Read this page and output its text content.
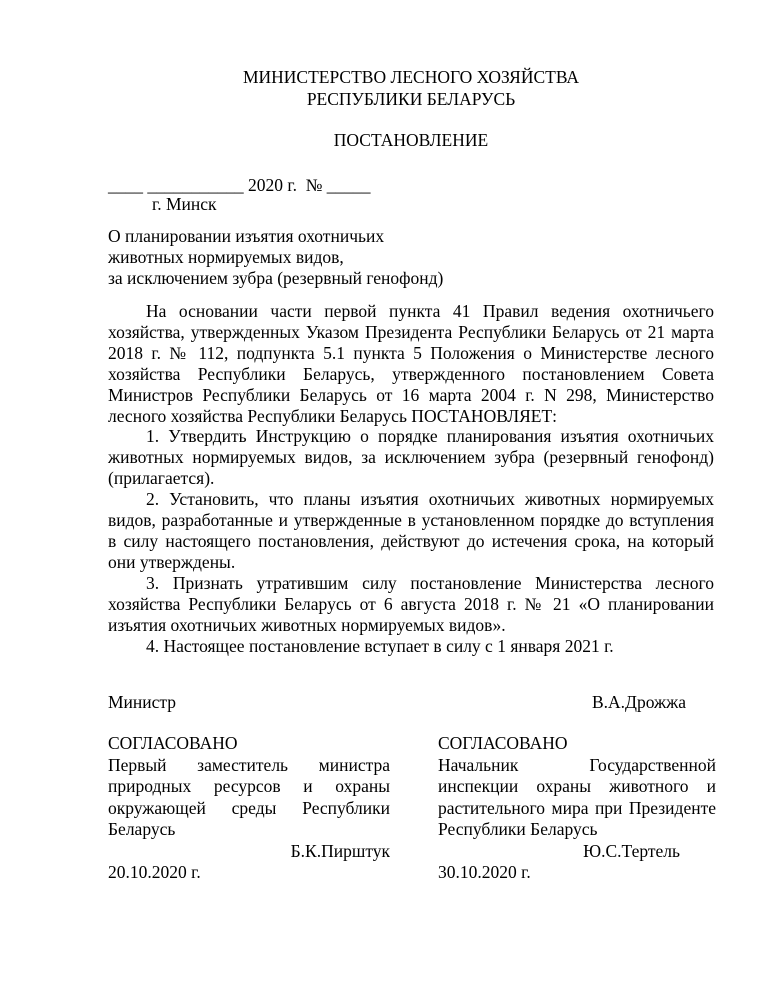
МИНИСТЕРСТВО ЛЕСНОГО ХОЗЯЙСТВА
РЕСПУБЛИКИ БЕЛАРУСЬ
ПОСТАНОВЛЕНИЕ
____ ___________ 2020 г.  № _____
г. Минск
О планировании изъятия охотничьих
животных нормируемых видов,
за исключением зубра (резервный генофонд)

На основании части первой пункта 41 Правил ведения охотничьего хозяйства, утвержденных Указом Президента Республики Беларусь от 21 марта 2018 г. № 112, подпункта 5.1 пункта 5 Положения о Министерстве лесного хозяйства Республики Беларусь, утвержденного постановлением Совета Министров Республики Беларусь от 16 марта 2004 г. N 298, Министерство лесного хозяйства Республики Беларусь ПОСТАНОВЛЯЕТ:

1. Утвердить Инструкцию о порядке планирования изъятия охотничьих животных нормируемых видов, за исключением зубра (резервный генофонд) (прилагается).

2. Установить, что планы изъятия охотничьих животных нормируемых видов, разработанные и утвержденные в установленном порядке до вступления в силу настоящего постановления, действуют до истечения срока, на который они утверждены.

3. Признать утратившим силу постановление Министерства лесного хозяйства Республики Беларусь от 6 августа 2018 г. № 21 «О планировании изъятия охотничьих животных нормируемых видов».

4. Настоящее постановление вступает в силу с 1 января 2021 г.

Министр	В.А.Дрожжа

СОГЛАСОВАНО

Первый заместитель министра природных ресурсов и охраны окружающей среды Республики Беларусь

Б.К.Пирштук

20.10.2020 г.

СОГЛАСОВАНО

Начальник Государственной инспекции охраны животного и растительного мира при Президенте Республики Беларусь

Ю.С.Тертель

30.10.2020 г.
